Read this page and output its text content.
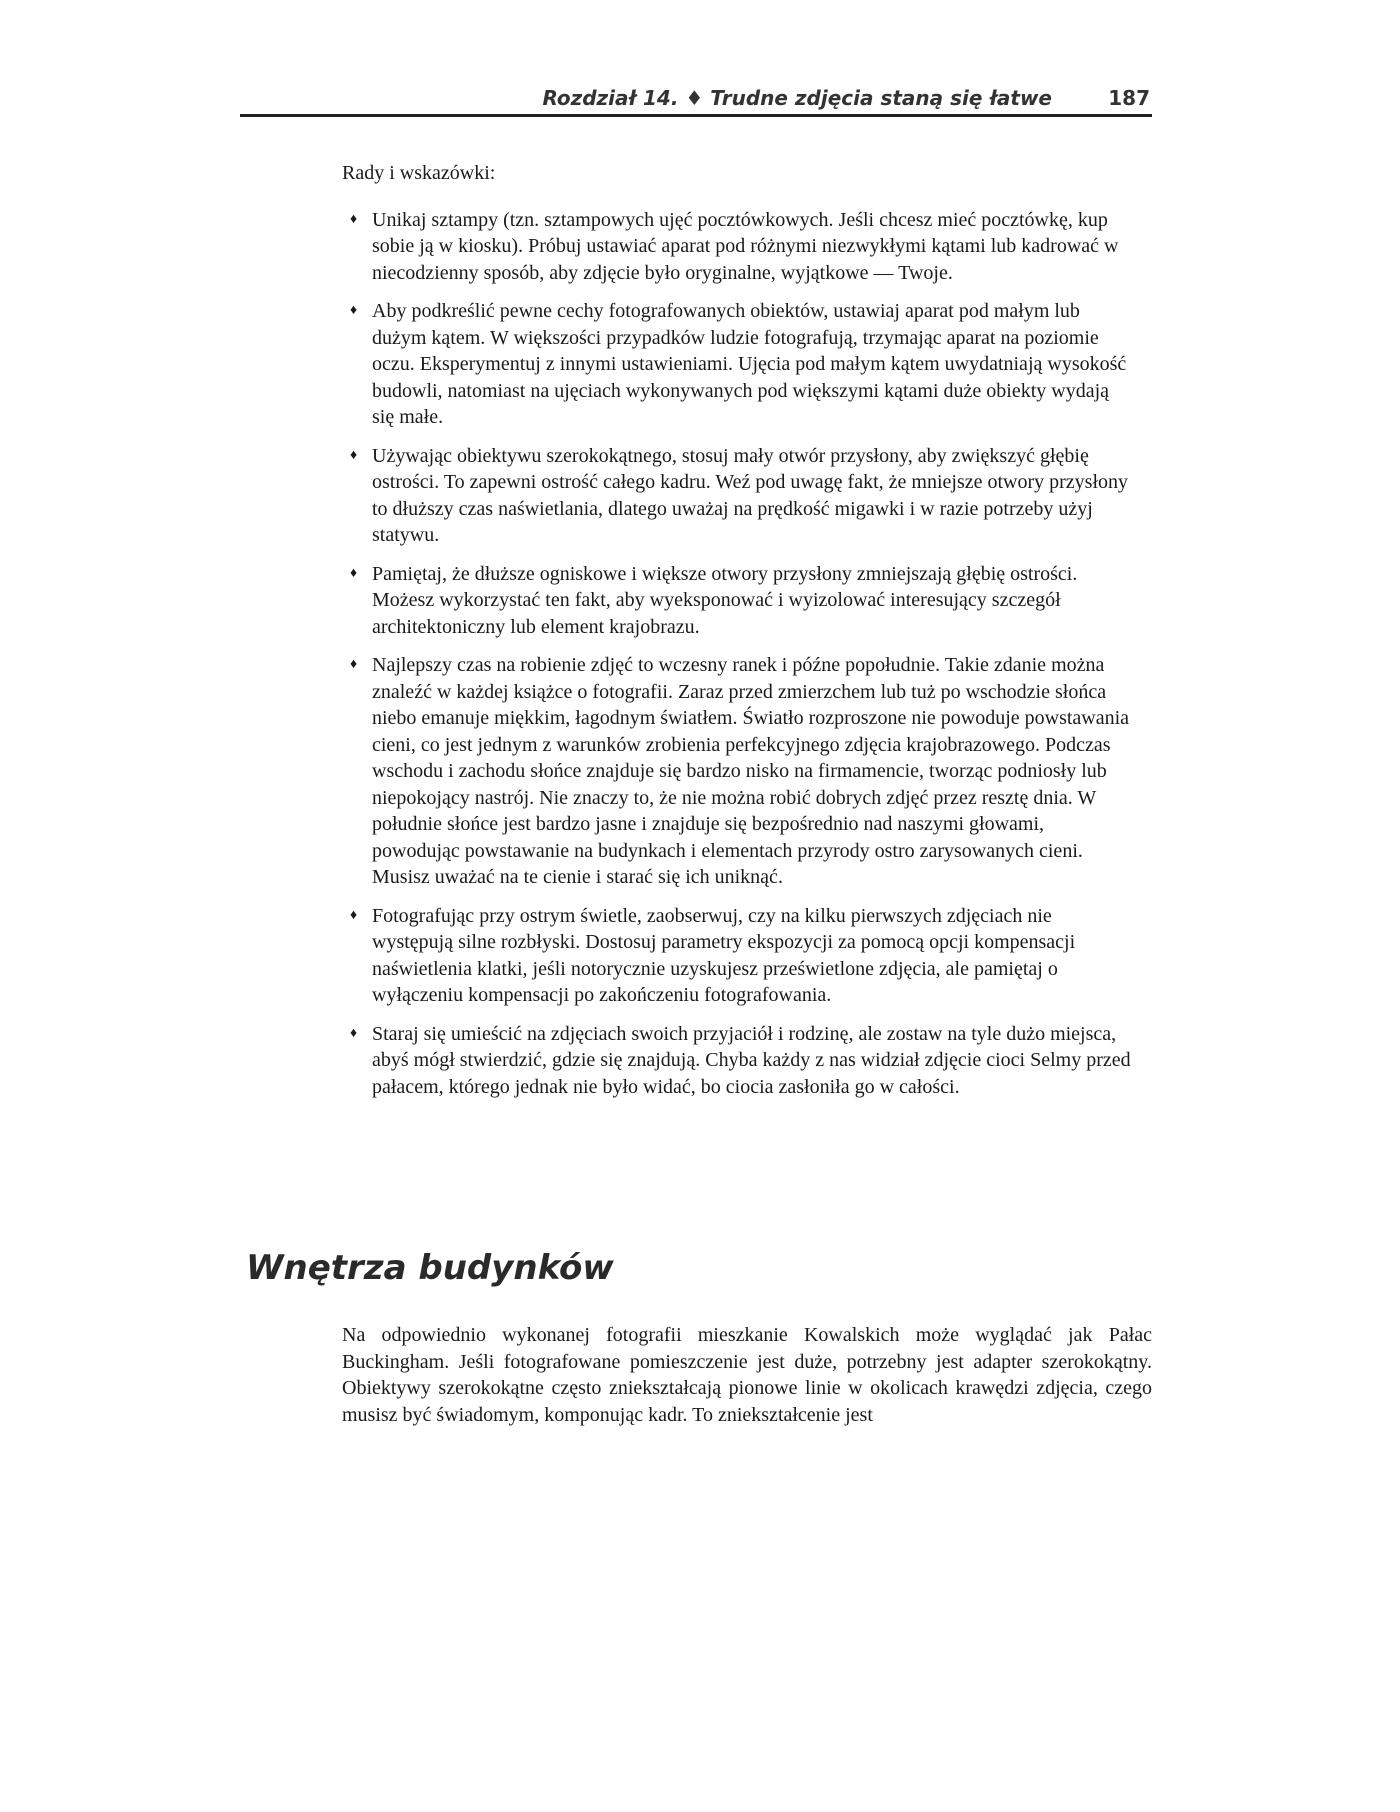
Rozdział 14. ♦ Trudne zdjęcia staną się łatwe	187

Rady i wskazówki:

♦ Unikaj sztampy (tzn. sztampowych ujęć pocztówkowych. Jeśli chcesz mieć pocztówkę, kup sobie ją w kiosku). Próbuj ustawiać aparat pod różnymi niezwykłymi kątami lub kadrować w niecodzienny sposób, aby zdjęcie było oryginalne, wyjątkowe — Twoje.
♦ Aby podkreślić pewne cechy fotografowanych obiektów, ustawiaj aparat pod małym lub dużym kątem. W większości przypadków ludzie fotografują, trzymając aparat na poziomie oczu. Eksperymentuj z innymi ustawieniami. Ujęcia pod małym kątem uwydatniają wysokość budowli, natomiast na ujęciach wykonywanych pod większymi kątami duże obiekty wydają się małe.
♦ Używając obiektywu szerokokątnego, stosuj mały otwór przysłony, aby zwiększyć głębię ostrości. To zapewni ostrość całego kadru. Weź pod uwagę fakt, że mniejsze otwory przysłony to dłuższy czas naświetlania, dlatego uważaj na prędkość migawki i w razie potrzeby użyj statywu.
♦ Pamiętaj, że dłuższe ogniskowe i większe otwory przysłony zmniejszają głębię ostrości. Możesz wykorzystać ten fakt, aby wyeksponować i wyizolować interesujący szczegół architektoniczny lub element krajobrazu.
♦ Najlepszy czas na robienie zdjęć to wczesny ranek i późne popołudnie. Takie zdanie można znaleźć w każdej książce o fotografii. Zaraz przed zmierzchem lub tuż po wschodzie słońca niebo emanuje miękkim, łagodnym światłem. Światło rozproszone nie powoduje powstawania cieni, co jest jednym z warunków zrobienia perfekcyjnego zdjęcia krajobrazowego. Podczas wschodu i zachodu słońce znajduje się bardzo nisko na firmamencie, tworząc podniosły lub niepokojący nastrój. Nie znaczy to, że nie można robić dobrych zdjęć przez resztę dnia. W południe słońce jest bardzo jasne i znajduje się bezpośrednio nad naszymi głowami, powodując powstawanie na budynkach i elementach przyrody ostro zarysowanych cieni. Musisz uważać na te cienie i starać się ich uniknąć.
♦ Fotografując przy ostrym świetle, zaobserwuj, czy na kilku pierwszych zdjęciach nie występują silne rozbłyski. Dostosuj parametry ekspozycji za pomocą opcji kompensacji naświetlenia klatki, jeśli notorycznie uzyskujesz prześwietlone zdjęcia, ale pamiętaj o wyłączeniu kompensacji po zakończeniu fotografowania.
♦ Staraj się umieścić na zdjęciach swoich przyjaciół i rodzinę, ale zostaw na tyle dużo miejsca, abyś mógł stwierdzić, gdzie się znajdują. Chyba każdy z nas widział zdjęcie cioci Selmy przed pałacem, którego jednak nie było widać, bo ciocia zasłoniła go w całości.
Wnętrza budynków

Na odpowiednio wykonanej fotografii mieszkanie Kowalskich może wyglądać jak Pałac Buckingham. Jeśli fotografowane pomieszczenie jest duże, potrzebny jest adapter szerokokątny. Obiektywy szerokokątne często zniekształcają pionowe linie w okolicach krawędzi zdjęcia, czego musisz być świadomym, komponując kadr. To zniekształcenie jest
